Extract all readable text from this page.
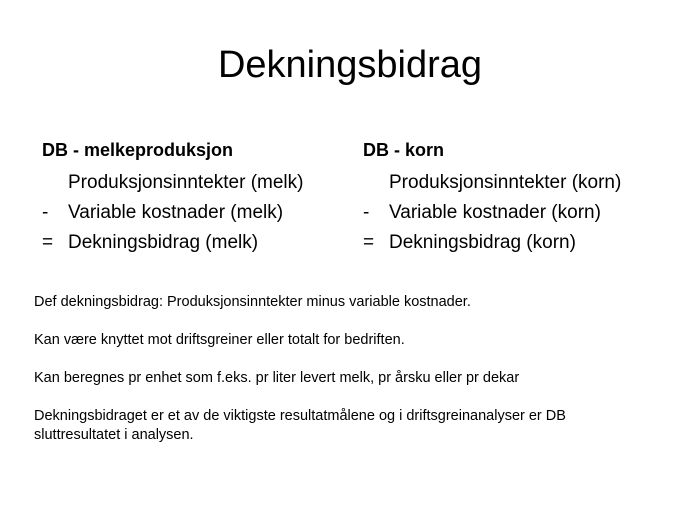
Dekningsbidrag
DB - melkeproduksjon
Produksjonsinntekter (melk)
- Variable kostnader (melk)
= Dekningsbidrag (melk)
DB - korn
Produksjonsinntekter (korn)
- Variable kostnader (korn)
= Dekningsbidrag (korn)

Def dekningsbidrag: Produksjonsinntekter minus variable kostnader.

Kan være knyttet mot driftsgreiner eller totalt for bedriften.

Kan beregnes pr enhet som f.eks. pr liter levert melk, pr årsku eller pr dekar

Dekningsbidraget er et av de viktigste resultatmålene og i driftsgreinanalyser er DB
sluttresultatet i analysen.
